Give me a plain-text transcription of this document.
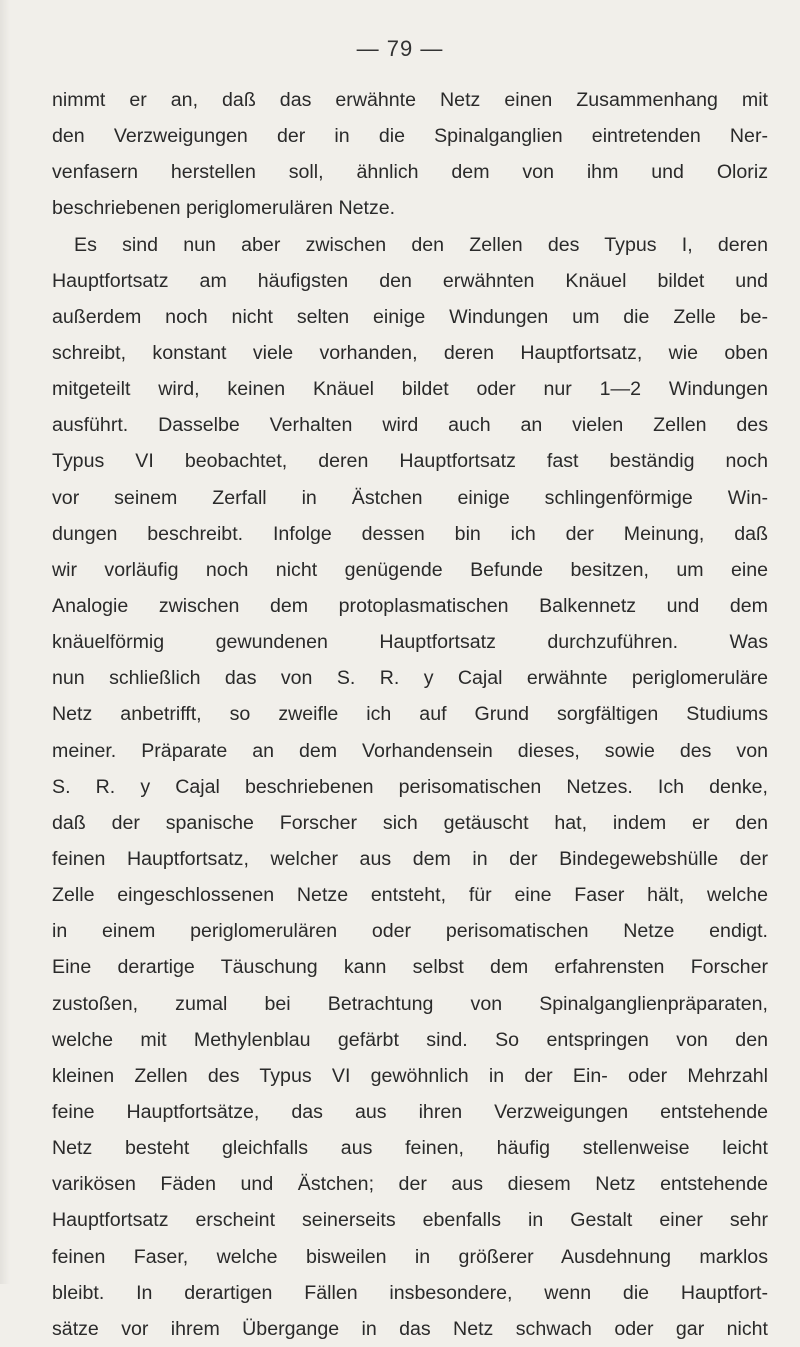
— 79 —
nimmt er an, daß das erwähnte Netz einen Zusammenhang mit
den Verzweigungen der in die Spinalganglien eintretenden Ner-
venfasern herstellen soll, ähnlich dem von ihm und Oloriz
beschriebenen periglomerulären Netze.
Es sind nun aber zwischen den Zellen des Typus I, deren
Hauptfortsatz am häufigsten den erwähnten Knäuel bildet und
außerdem noch nicht selten einige Windungen um die Zelle be-
schreibt, konstant viele vorhanden, deren Hauptfortsatz, wie oben
mitgeteilt wird, keinen Knäuel bildet oder nur 1—2 Windungen
ausführt. Dasselbe Verhalten wird auch an vielen Zellen des
Typus VI beobachtet, deren Hauptfortsatz fast beständig noch
vor seinem Zerfall in Ästchen einige schlingenförmige Win-
dungen beschreibt. Infolge dessen bin ich der Meinung, daß
wir vorläufig noch nicht genügende Befunde besitzen, um eine
Analogie zwischen dem protoplasmatischen Balkennetz und dem
knäuelförmig gewundenen Hauptfortsatz durchzuführen. Was
nun schließlich das von S. R. y Cajal erwähnte periglomeruläre
Netz anbetrifft, so zweifle ich auf Grund sorgfältigen Studiums
meiner. Präparate an dem Vorhandensein dieses, sowie des von
S. R. y Cajal beschriebenen perisomatischen Netzes. Ich denke,
daß der spanische Forscher sich getäuscht hat, indem er den
feinen Hauptfortsatz, welcher aus dem in der Bindegewebshülle der
Zelle eingeschlossenen Netze entsteht, für eine Faser hält, welche
in einem periglomerulären oder perisomatischen Netze endigt.
Eine derartige Täuschung kann selbst dem erfahrensten Forscher
zustoßen, zumal bei Betrachtung von Spinalganglienpräparaten,
welche mit Methylenblau gefärbt sind. So entspringen von den
kleinen Zellen des Typus VI gewöhnlich in der Ein- oder Mehrzahl
feine Hauptfortsätze, das aus ihren Verzweigungen entstehende
Netz besteht gleichfalls aus feinen, häufig stellenweise leicht
varikösen Fäden und Ästchen; der aus diesem Netz entstehende
Hauptfortsatz erscheint seinerseits ebenfalls in Gestalt einer sehr
feinen Faser, welche bisweilen in größerer Ausdehnung marklos
bleibt. In derartigen Fällen insbesondere, wenn die Hauptfort-
sätze vor ihrem Übergange in das Netz schwach oder gar nicht
